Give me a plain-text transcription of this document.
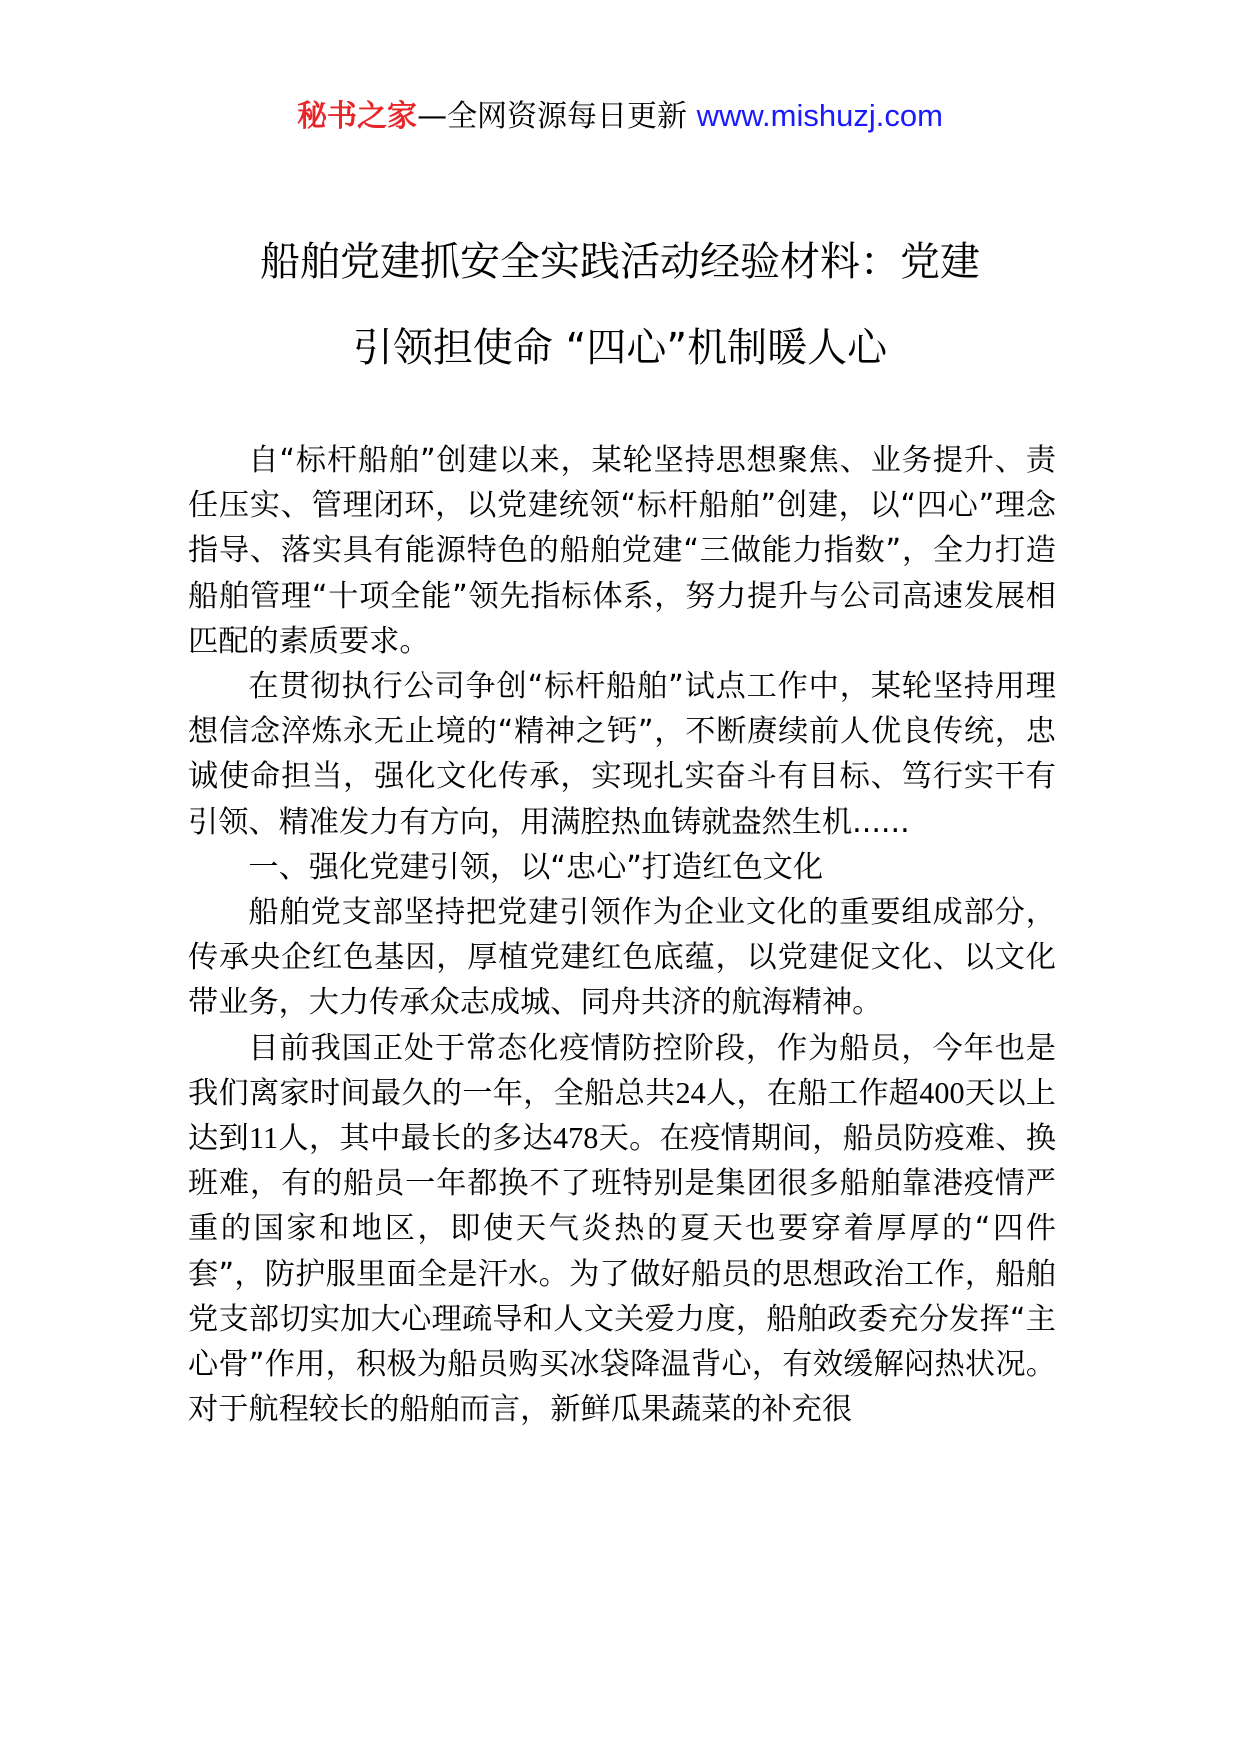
秘书之家—全网资源每日更新 www.mishuzj.com
船舶党建抓安全实践活动经验材料：党建
引领担使命 “四心”机制暖人心

自“标杆船舶”创建以来，某轮坚持思想聚焦、业务提升、责任压实、管理闭环，以党建统领“标杆船舶”创建，以“四心”理念指导、落实具有能源特色的船舶党建“三做能力指数”，全力打造船舶管理“十项全能”领先指标体系，努力提升与公司高速发展相匹配的素质要求。

在贯彻执行公司争创“标杆船舶”试点工作中，某轮坚持用理想信念淬炼永无止境的“精神之钙”，不断赓续前人优良传统，忠诚使命担当，强化文化传承，实现扎实奋斗有目标、笃行实干有引领、精准发力有方向，用满腔热血铸就盎然生机......

一、强化党建引领，以“忠心”打造红色文化

船舶党支部坚持把党建引领作为企业文化的重要组成部分，传承央企红色基因，厚植党建红色底蕴，以党建促文化、以文化带业务，大力传承众志成城、同舟共济的航海精神。

目前我国正处于常态化疫情防控阶段，作为船员，今年也是我们离家时间最久的一年，全船总共24人，在船工作超400天以上达到11人，其中最长的多达478天。在疫情期间，船员防疫难、换班难，有的船员一年都换不了班特别是集团很多船舶靠港疫情严重的国家和地区，即使天气炎热的夏天也要穿着厚厚的“四件套”，防护服里面全是汗水。为了做好船员的思想政治工作，船舶党支部切实加大心理疏导和人文关爱力度，船舶政委充分发挥“主心骨”作用，积极为船员购买冰袋降温背心，有效缓解闷热状况。对于航程较长的船舶而言，新鲜瓜果蔬菜的补充很
